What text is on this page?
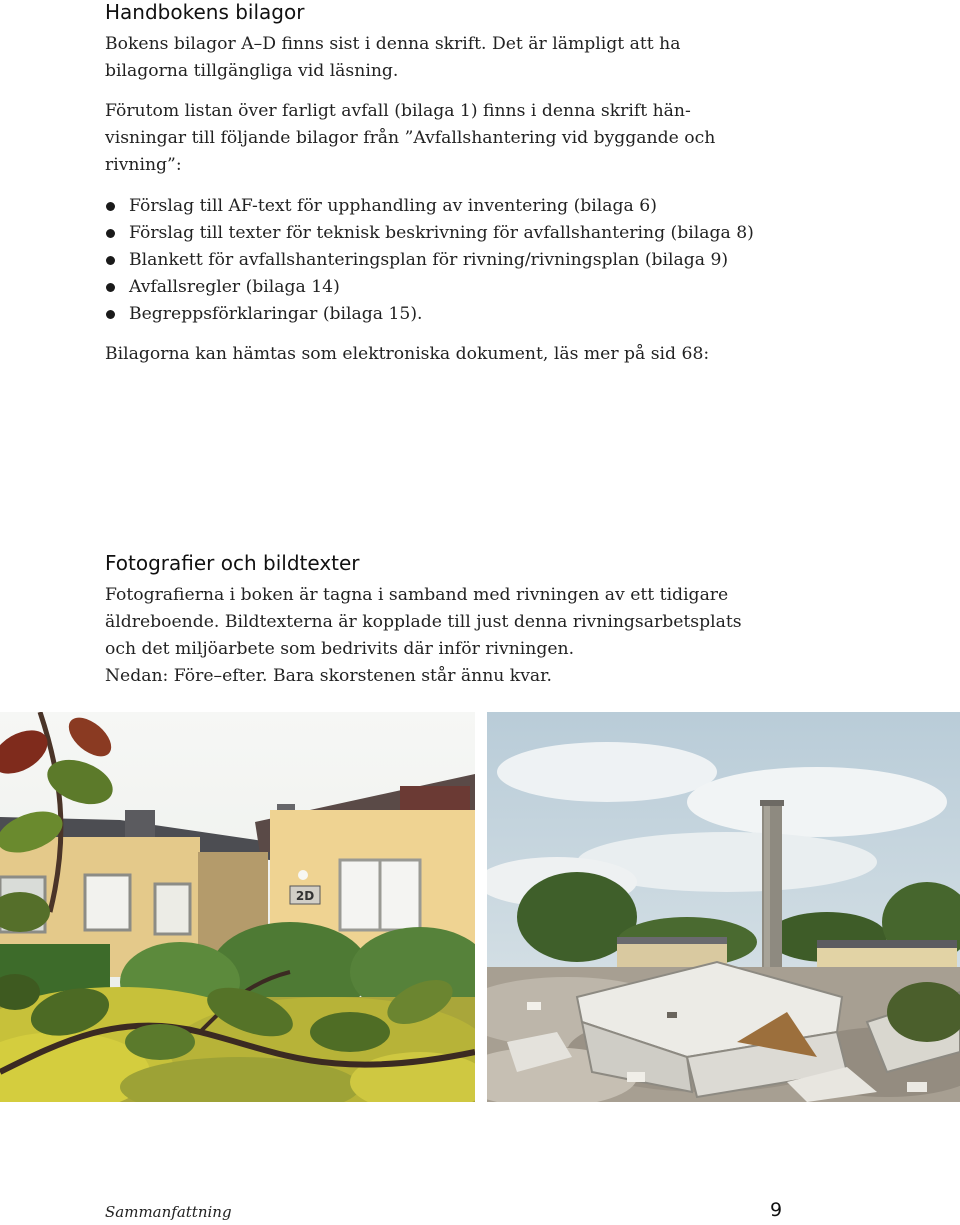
Handbokens bilagor
Bokens bilagor A–D finns sist i denna skrift. Det är lämpligt att ha
bilagorna tillgängliga vid läsning.
Förutom listan över farligt avfall (bilaga 1) finns i denna skrift hän-
visningar till följande bilagor från ”Avfallshantering vid byggande och
rivning”:
Förslag till AF-text för upphandling av inventering (bilaga 6)
Förslag till texter för teknisk beskrivning för avfallshantering (bilaga 8)
Blankett för avfallshanteringsplan för rivning/rivningsplan (bilaga 9)
Avfallsregler (bilaga 14)
Begreppsförklaringar (bilaga 15).
Bilagorna kan hämtas som elektroniska dokument, läs mer på sid 68:
Fotografier och bildtexter
Fotografierna i boken är tagna i samband med rivningen av ett tidigare
äldreboende. Bildtexterna är kopplade till just denna rivningsarbetsplats
och det miljöarbete som bedrivits där inför rivningen.
Nedan: Före–efter. Bara skorstenen står ännu kvar.
2D
Sammanfattning	9
